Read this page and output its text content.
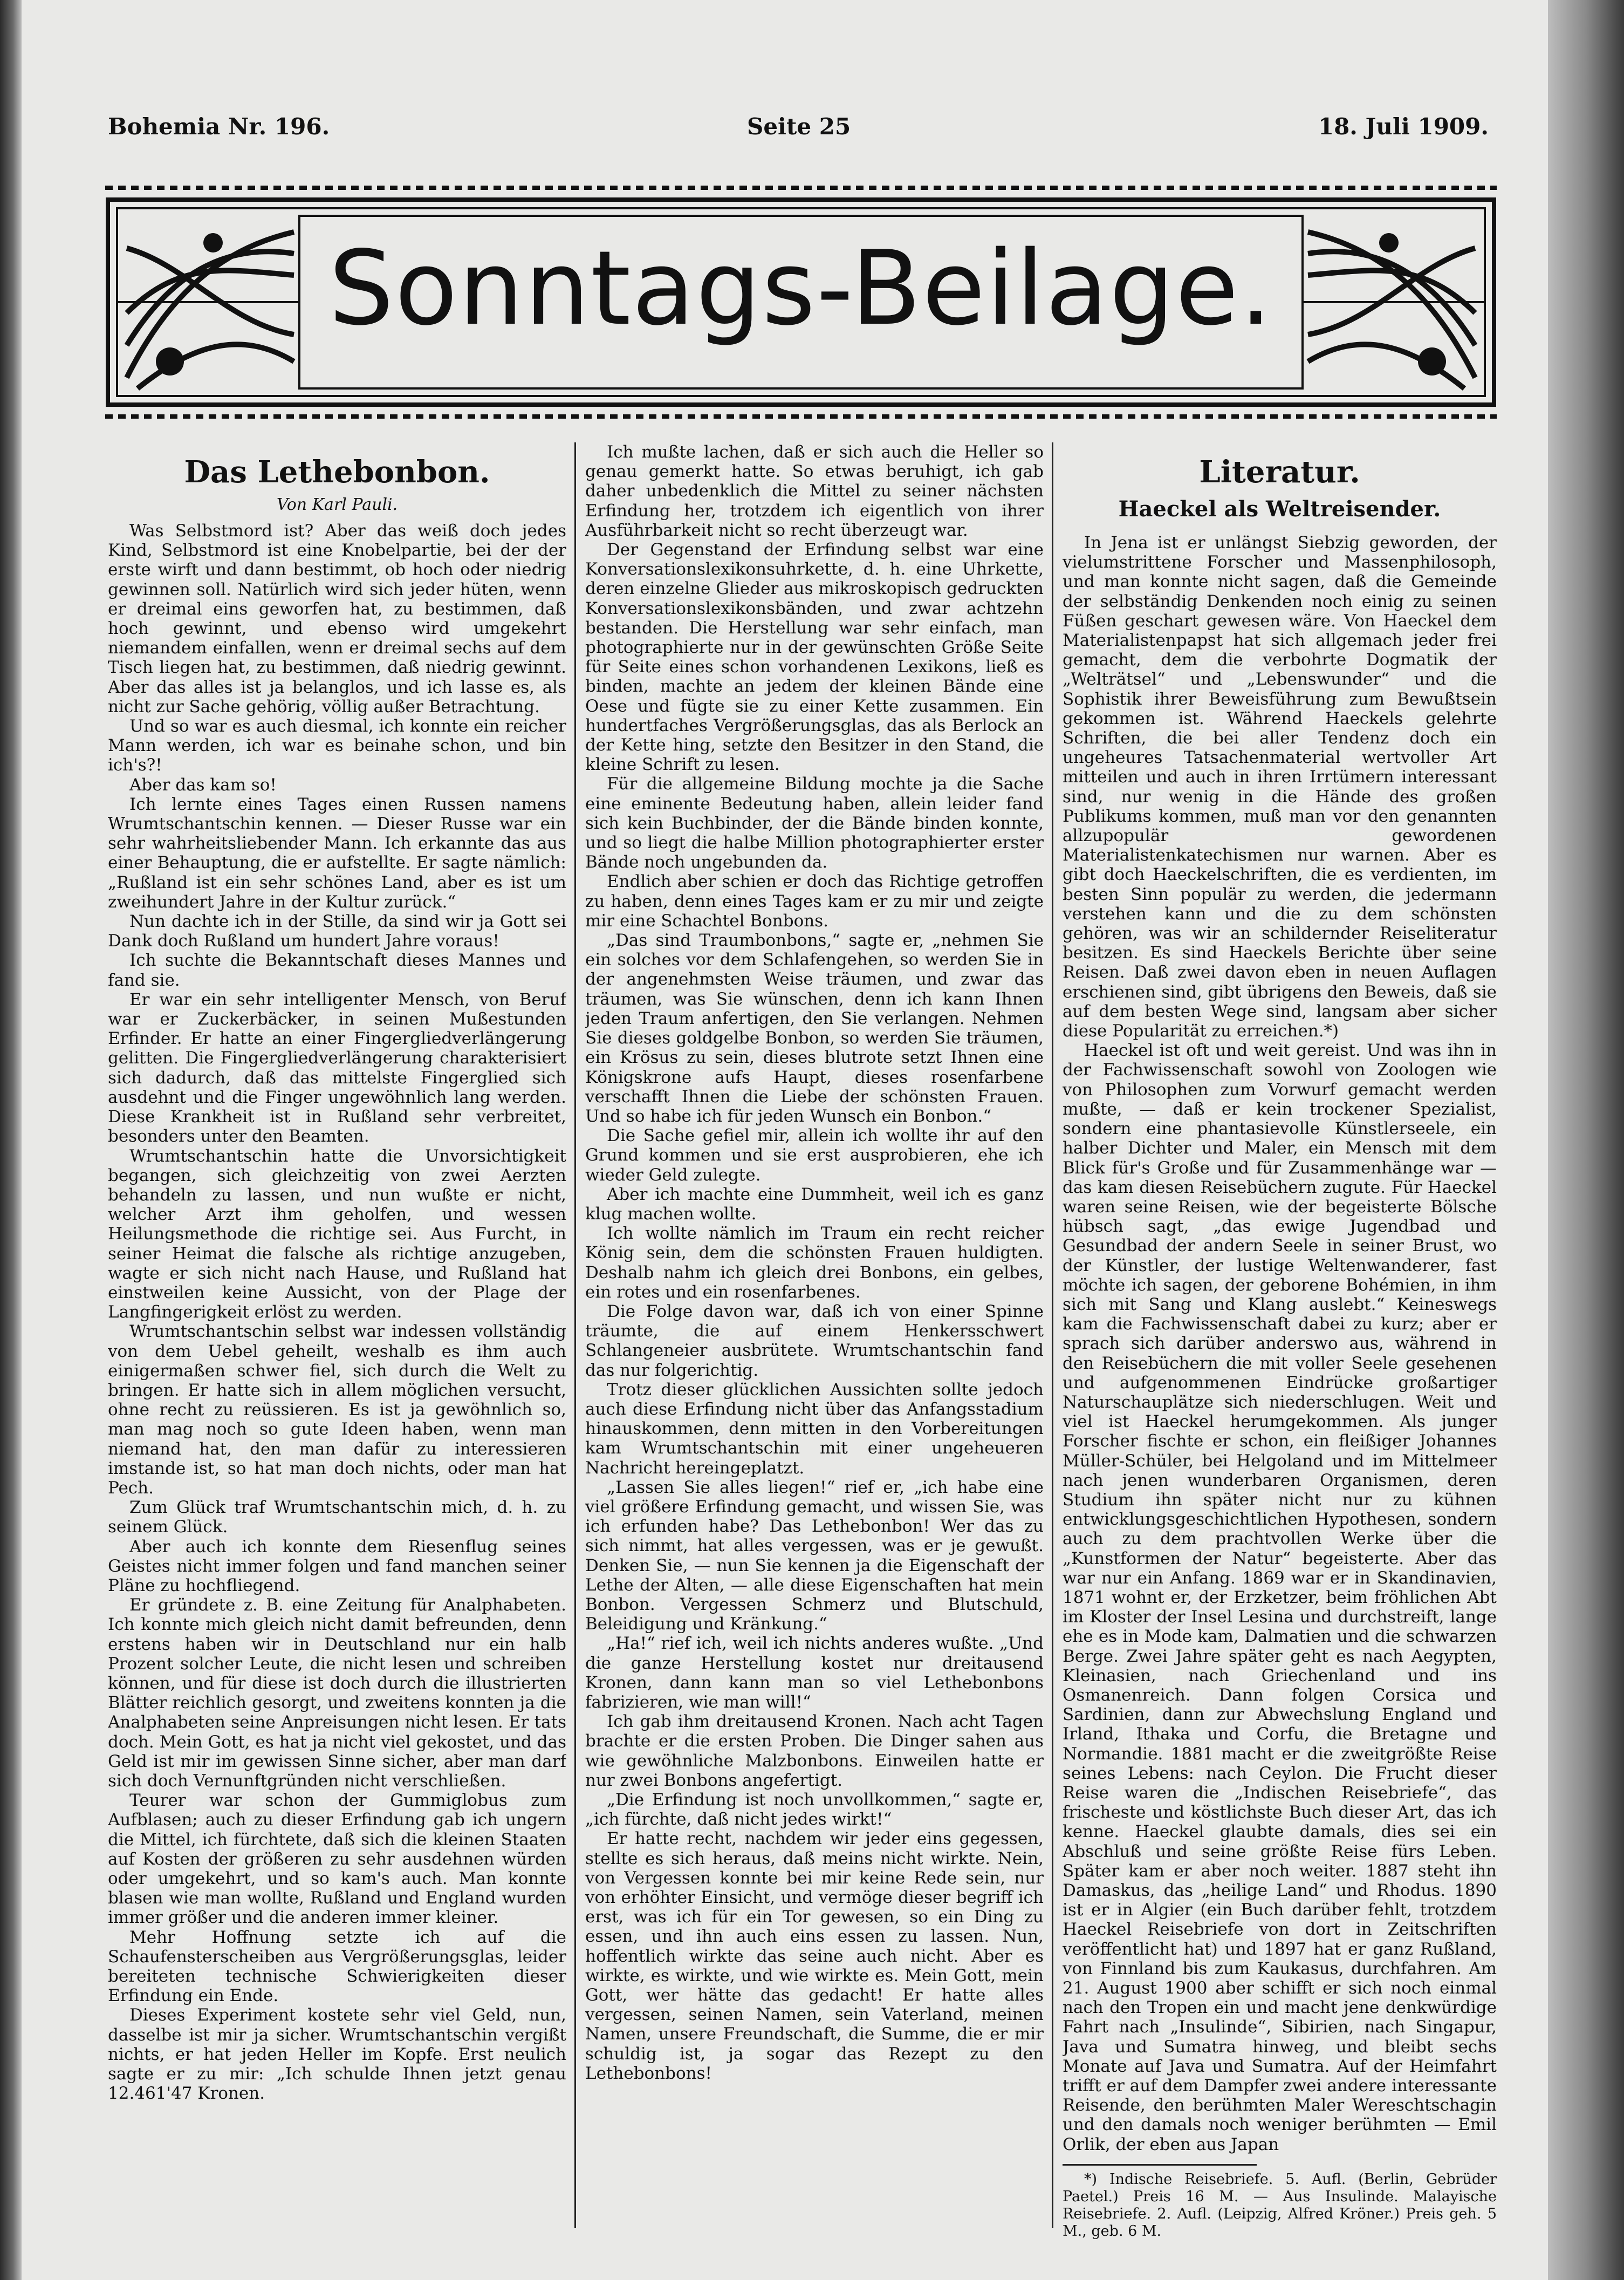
Bohemia Nr. 196.	Seite 25	18. Juli 1909.
Sonntags-Beilage.
Das Lethebonbon.
Von Karl Pauli.

Was Selbstmord ist? Aber das weiß doch jedes Kind, Selbstmord ist eine Knobelpartie, bei der der erste wirft und dann bestimmt, ob hoch oder niedrig gewinnen soll. Natürlich wird sich jeder hüten, wenn er dreimal eins geworfen hat, zu bestimmen, daß hoch gewinnt, und ebenso wird umgekehrt niemandem einfallen, wenn er dreimal sechs auf dem Tisch liegen hat, zu bestimmen, daß niedrig gewinnt. Aber das alles ist ja belanglos, und ich lasse es, als nicht zur Sache gehörig, völlig außer Betrachtung.

Und so war es auch diesmal, ich konnte ein reicher Mann werden, ich war es beinahe schon, und bin ich's?!

Aber das kam so!

Ich lernte eines Tages einen Russen namens Wrumtschantschin kennen. — Dieser Russe war ein sehr wahrheitsliebender Mann. Ich erkannte das aus einer Behauptung, die er aufstellte. Er sagte nämlich: „Rußland ist ein sehr schönes Land, aber es ist um zweihundert Jahre in der Kultur zurück.“

Nun dachte ich in der Stille, da sind wir ja Gott sei Dank doch Rußland um hundert Jahre voraus!

Ich suchte die Bekanntschaft dieses Mannes und fand sie.

Er war ein sehr intelligenter Mensch, von Beruf war er Zuckerbäcker, in seinen Mußestunden Erfinder. Er hatte an einer Fingergliedverlängerung gelitten. Die Fingergliedverlängerung charakterisiert sich dadurch, daß das mittelste Fingerglied sich ausdehnt und die Finger ungewöhnlich lang werden. Diese Krankheit ist in Rußland sehr verbreitet, besonders unter den Beamten.

Wrumtschantschin hatte die Unvorsichtigkeit begangen, sich gleichzeitig von zwei Aerzten behandeln zu lassen, und nun wußte er nicht, welcher Arzt ihm geholfen, und wessen Heilungsmethode die richtige sei. Aus Furcht, in seiner Heimat die falsche als richtige anzugeben, wagte er sich nicht nach Hause, und Rußland hat einstweilen keine Aussicht, von der Plage der Langfingerigkeit erlöst zu werden.

Wrumtschantschin selbst war indessen vollständig von dem Uebel geheilt, weshalb es ihm auch einigermaßen schwer fiel, sich durch die Welt zu bringen. Er hatte sich in allem möglichen versucht, ohne recht zu reüssieren. Es ist ja gewöhnlich so, man mag noch so gute Ideen haben, wenn man niemand hat, den man dafür zu interessieren imstande ist, so hat man doch nichts, oder man hat Pech.

Zum Glück traf Wrumtschantschin mich, d. h. zu seinem Glück.

Aber auch ich konnte dem Riesenflug seines Geistes nicht immer folgen und fand manchen seiner Pläne zu hochfliegend.

Er gründete z. B. eine Zeitung für Analphabeten. Ich konnte mich gleich nicht damit befreunden, denn erstens haben wir in Deutschland nur ein halb Prozent solcher Leute, die nicht lesen und schreiben können, und für diese ist doch durch die illustrierten Blätter reichlich gesorgt, und zweitens konnten ja die Analphabeten seine Anpreisungen nicht lesen. Er tats doch. Mein Gott, es hat ja nicht viel gekostet, und das Geld ist mir im gewissen Sinne sicher, aber man darf sich doch Vernunftgründen nicht verschließen.

Teurer war schon der Gummiglobus zum Aufblasen; auch zu dieser Erfindung gab ich ungern die Mittel, ich fürchtete, daß sich die kleinen Staaten auf Kosten der größeren zu sehr ausdehnen würden oder umgekehrt, und so kam's auch. Man konnte blasen wie man wollte, Rußland und England wurden immer größer und die anderen immer kleiner.

Mehr Hoffnung setzte ich auf die Schaufensterscheiben aus Vergrößerungsglas, leider bereiteten technische Schwierigkeiten dieser Erfindung ein Ende.

Dieses Experiment kostete sehr viel Geld, nun, dasselbe ist mir ja sicher. Wrumtschantschin vergißt nichts, er hat jeden Heller im Kopfe. Erst neulich sagte er zu mir: „Ich schulde Ihnen jetzt genau 12.461'47 Kronen.

Ich mußte lachen, daß er sich auch die Heller so genau gemerkt hatte. So etwas beruhigt, ich gab daher unbedenklich die Mittel zu seiner nächsten Erfindung her, trotzdem ich eigentlich von ihrer Ausführbarkeit nicht so recht überzeugt war.

Der Gegenstand der Erfindung selbst war eine Konversationslexikonsuhrkette, d. h. eine Uhrkette, deren einzelne Glieder aus mikroskopisch gedruckten Konversationslexikonsbänden, und zwar achtzehn bestanden. Die Herstellung war sehr einfach, man photographierte nur in der gewünschten Größe Seite für Seite eines schon vorhandenen Lexikons, ließ es binden, machte an jedem der kleinen Bände eine Oese und fügte sie zu einer Kette zusammen. Ein hundertfaches Vergrößerungsglas, das als Berlock an der Kette hing, setzte den Besitzer in den Stand, die kleine Schrift zu lesen.

Für die allgemeine Bildung mochte ja die Sache eine eminente Bedeutung haben, allein leider fand sich kein Buchbinder, der die Bände binden konnte, und so liegt die halbe Million photographierter erster Bände noch ungebunden da.

Endlich aber schien er doch das Richtige getroffen zu haben, denn eines Tages kam er zu mir und zeigte mir eine Schachtel Bonbons.

„Das sind Traumbonbons,“ sagte er, „nehmen Sie ein solches vor dem Schlafengehen, so werden Sie in der angenehmsten Weise träumen, und zwar das träumen, was Sie wünschen, denn ich kann Ihnen jeden Traum anfertigen, den Sie verlangen. Nehmen Sie dieses goldgelbe Bonbon, so werden Sie träumen, ein Krösus zu sein, dieses blutrote setzt Ihnen eine Königskrone aufs Haupt, dieses rosenfarbene verschafft Ihnen die Liebe der schönsten Frauen. Und so habe ich für jeden Wunsch ein Bonbon.“

Die Sache gefiel mir, allein ich wollte ihr auf den Grund kommen und sie erst ausprobieren, ehe ich wieder Geld zulegte.

Aber ich machte eine Dummheit, weil ich es ganz klug machen wollte.

Ich wollte nämlich im Traum ein recht reicher König sein, dem die schönsten Frauen huldigten. Deshalb nahm ich gleich drei Bonbons, ein gelbes, ein rotes und ein rosenfarbenes.

Die Folge davon war, daß ich von einer Spinne träumte, die auf einem Henkersschwert Schlangeneier ausbrütete. Wrumtschantschin fand das nur folgerichtig.

Trotz dieser glücklichen Aussichten sollte jedoch auch diese Erfindung nicht über das Anfangsstadium hinauskommen, denn mitten in den Vorbereitungen kam Wrumtschantschin mit einer ungeheueren Nachricht hereingeplatzt.

„Lassen Sie alles liegen!“ rief er, „ich habe eine viel größere Erfindung gemacht, und wissen Sie, was ich erfunden habe? Das Lethebonbon! Wer das zu sich nimmt, hat alles vergessen, was er je gewußt. Denken Sie, — nun Sie kennen ja die Eigenschaft der Lethe der Alten, — alle diese Eigenschaften hat mein Bonbon. Vergessen Schmerz und Blutschuld, Beleidigung und Kränkung.“

„Ha!“ rief ich, weil ich nichts anderes wußte. „Und die ganze Herstellung kostet nur dreitausend Kronen, dann kann man so viel Lethebonbons fabrizieren, wie man will!“

Ich gab ihm dreitausend Kronen. Nach acht Tagen brachte er die ersten Proben. Die Dinger sahen aus wie gewöhnliche Malzbonbons. Einweilen hatte er nur zwei Bonbons angefertigt.

„Die Erfindung ist noch unvollkommen,“ sagte er, „ich fürchte, daß nicht jedes wirkt!“

Er hatte recht, nachdem wir jeder eins gegessen, stellte es sich heraus, daß meins nicht wirkte. Nein, von Vergessen konnte bei mir keine Rede sein, nur von erhöhter Einsicht, und vermöge dieser begriff ich erst, was ich für ein Tor gewesen, so ein Ding zu essen, und ihn auch eins essen zu lassen. Nun, hoffentlich wirkte das seine auch nicht. Aber es wirkte, es wirkte, und wie wirkte es. Mein Gott, mein Gott, wer hätte das gedacht! Er hatte alles vergessen, seinen Namen, sein Vaterland, meinen Namen, unsere Freundschaft, die Summe, die er mir schuldig ist, ja sogar das Rezept zu den Lethebonbons!

Literatur.
Haeckel als Weltreisender.

In Jena ist er unlängst Siebzig geworden, der vielumstrittene Forscher und Massenphilosoph, und man konnte nicht sagen, daß die Gemeinde der selbständig Denkenden noch einig zu seinen Füßen geschart gewesen wäre. Von Haeckel dem Materialistenpapst hat sich allgemach jeder frei gemacht, dem die verbohrte Dogmatik der „Welträtsel“ und „Lebenswunder“ und die Sophistik ihrer Beweisführung zum Bewußtsein gekommen ist. Während Haeckels gelehrte Schriften, die bei aller Tendenz doch ein ungeheures Tatsachenmaterial wertvoller Art mitteilen und auch in ihren Irrtümern interessant sind, nur wenig in die Hände des großen Publikums kommen, muß man vor den genannten allzupopulär gewordenen Materialistenkatechismen nur warnen. Aber es gibt doch Haeckelschriften, die es verdienten, im besten Sinn populär zu werden, die jedermann verstehen kann und die zu dem schönsten gehören, was wir an schildernder Reiseliteratur besitzen. Es sind Haeckels Berichte über seine Reisen. Daß zwei davon eben in neuen Auflagen erschienen sind, gibt übrigens den Beweis, daß sie auf dem besten Wege sind, langsam aber sicher diese Popularität zu erreichen.*)

Haeckel ist oft und weit gereist. Und was ihn in der Fachwissenschaft sowohl von Zoologen wie von Philosophen zum Vorwurf gemacht werden mußte, — daß er kein trockener Spezialist, sondern eine phantasievolle Künstlerseele, ein halber Dichter und Maler, ein Mensch mit dem Blick für's Große und für Zusammenhänge war — das kam diesen Reisebüchern zugute. Für Haeckel waren seine Reisen, wie der begeisterte Bölsche hübsch sagt, „das ewige Jugendbad und Gesundbad der andern Seele in seiner Brust, wo der Künstler, der lustige Weltenwanderer, fast möchte ich sagen, der geborene Bohémien, in ihm sich mit Sang und Klang auslebt.“ Keineswegs kam die Fachwissenschaft dabei zu kurz; aber er sprach sich darüber anderswo aus, während in den Reisebüchern die mit voller Seele gesehenen und aufgenommenen Eindrücke großartiger Naturschauplätze sich niederschlugen. Weit und viel ist Haeckel herumgekommen. Als junger Forscher fischte er schon, ein fleißiger Johannes Müller-Schüler, bei Helgoland und im Mittelmeer nach jenen wunderbaren Organismen, deren Studium ihn später nicht nur zu kühnen entwicklungsgeschichtlichen Hypothesen, sondern auch zu dem prachtvollen Werke über die „Kunstformen der Natur“ begeisterte. Aber das war nur ein Anfang. 1869 war er in Skandinavien, 1871 wohnt er, der Erzketzer, beim fröhlichen Abt im Kloster der Insel Lesina und durchstreift, lange ehe es in Mode kam, Dalmatien und die schwarzen Berge. Zwei Jahre später geht es nach Aegypten, Kleinasien, nach Griechenland und ins Osmanenreich. Dann folgen Corsica und Sardinien, dann zur Abwechslung England und Irland, Ithaka und Corfu, die Bretagne und Normandie. 1881 macht er die zweitgrößte Reise seines Lebens: nach Ceylon. Die Frucht dieser Reise waren die „Indischen Reisebriefe“, das frischeste und köstlichste Buch dieser Art, das ich kenne. Haeckel glaubte damals, dies sei ein Abschluß und seine größte Reise fürs Leben. Später kam er aber noch weiter. 1887 steht ihn Damaskus, das „heilige Land“ und Rhodus. 1890 ist er in Algier (ein Buch darüber fehlt, trotzdem Haeckel Reisebriefe von dort in Zeitschriften veröffentlicht hat) und 1897 hat er ganz Rußland, von Finnland bis zum Kaukasus, durchfahren. Am 21. August 1900 aber schifft er sich noch einmal nach den Tropen ein und macht jene denkwürdige Fahrt nach „Insulinde“, Sibirien, nach Singapur, Java und Sumatra hinweg, und bleibt sechs Monate auf Java und Sumatra. Auf der Heimfahrt trifft er auf dem Dampfer zwei andere interessante Reisende, den berühmten Maler Wereschtschagin und den damals noch weniger berühmten — Emil Orlik, der eben aus Japan

*) Indische Reisebriefe. 5. Aufl. (Berlin, Gebrüder Paetel.) Preis 16 M. — Aus Insulinde. Malayische Reisebriefe. 2. Aufl. (Leipzig, Alfred Kröner.) Preis geh. 5 M., geb. 6 M.
